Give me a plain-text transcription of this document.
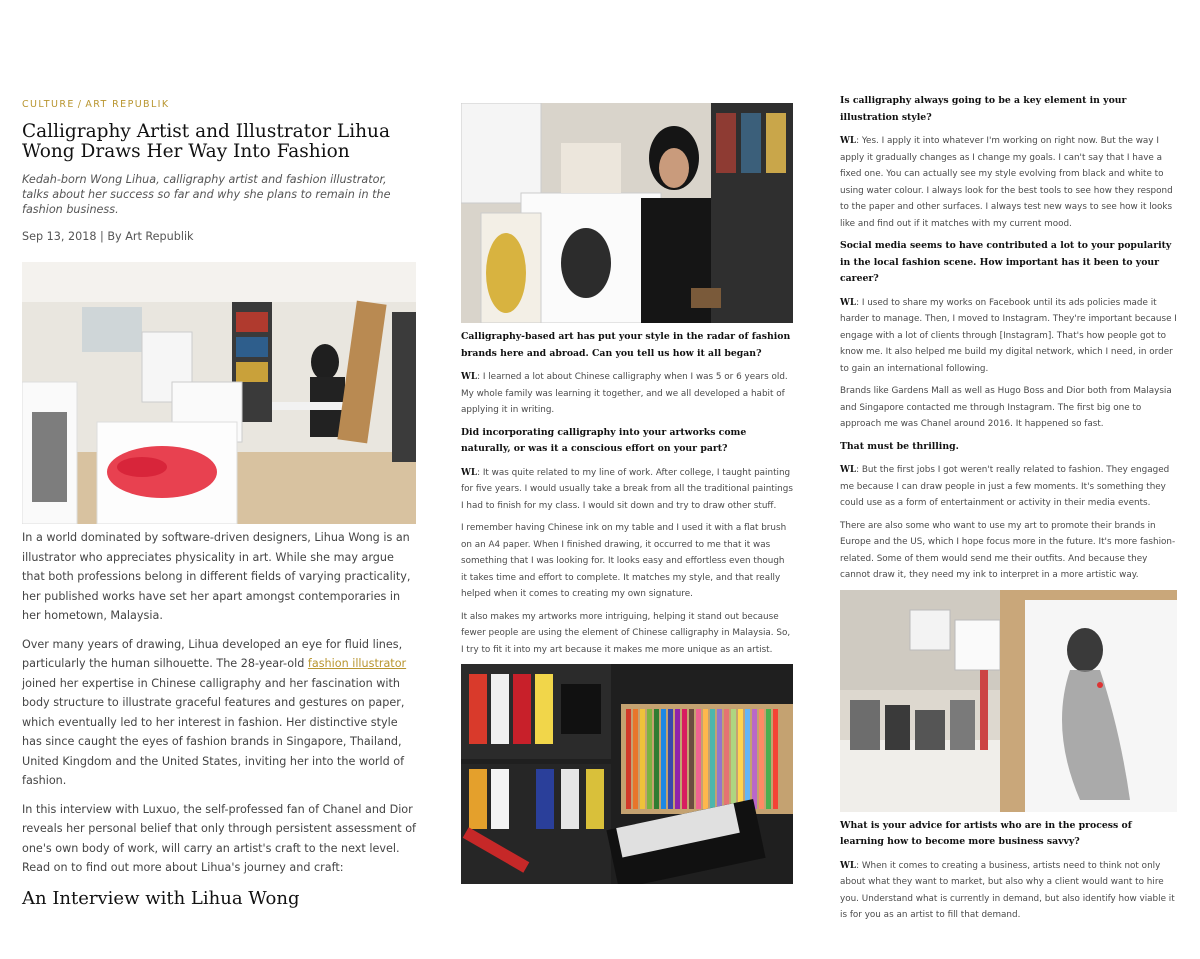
CULTURE / ART REPUBLIK
Calligraphy Artist and Illustrator Lihua Wong Draws Her Way Into Fashion
Kedah-born Wong Lihua, calligraphy artist and fashion illustrator, talks about her success so far and why she plans to remain in the fashion business.
Sep 13, 2018 | By Art Republik

In a world dominated by software-driven designers, Lihua Wong is an illustrator who appreciates physicality in art. While she may argue that both professions belong in different fields of varying practicality, her published works have set her apart amongst contemporaries in her hometown, Malaysia.

Over many years of drawing, Lihua developed an eye for fluid lines, particularly the human silhouette. The 28-year-old fashion illustrator joined her expertise in Chinese calligraphy and her fascination with body structure to illustrate graceful features and gestures on paper, which eventually led to her interest in fashion. Her distinctive style has since caught the eyes of fashion brands in Singapore, Thailand, United Kingdom and the United States, inviting her into the world of fashion.

In this interview with Luxuo, the self-professed fan of Chanel and Dior reveals her personal belief that only through persistent assessment of one's own body of work, will carry an artist's craft to the next level. Read on to find out more about Lihua's journey and craft:

An Interview with Lihua Wong

Calligraphy-based art has put your style in the radar of fashion brands here and abroad. Can you tell us how it all began?

WL: I learned a lot about Chinese calligraphy when I was 5 or 6 years old. My whole family was learning it together, and we all developed a habit of applying it in writing.

Did incorporating calligraphy into your artworks come naturally, or was it a conscious effort on your part?

WL: It was quite related to my line of work. After college, I taught painting for five years. I would usually take a break from all the traditional paintings I had to finish for my class. I would sit down and try to draw other stuff.

I remember having Chinese ink on my table and I used it with a flat brush on an A4 paper. When I finished drawing, it occurred to me that it was something that I was looking for. It looks easy and effortless even though it takes time and effort to complete. It matches my style, and that really helped when it comes to creating my own signature.

It also makes my artworks more intriguing, helping it stand out because fewer people are using the element of Chinese calligraphy in Malaysia. So, I try to fit it into my art because it makes me more unique as an artist.

Is calligraphy always going to be a key element in your illustration style?

WL: Yes. I apply it into whatever I'm working on right now. But the way I apply it gradually changes as I change my goals. I can't say that I have a fixed one. You can actually see my style evolving from black and white to using water colour. I always look for the best tools to see how they respond to the paper and other surfaces. I always test new ways to see how it looks like and find out if it matches with my current mood.

Social media seems to have contributed a lot to your popularity in the local fashion scene. How important has it been to your career?

WL: I used to share my works on Facebook until its ads policies made it harder to manage. Then, I moved to Instagram. They're important because I engage with a lot of clients through [Instagram]. That's how people got to know me. It also helped me build my digital network, which I need, in order to gain an international following.

Brands like Gardens Mall as well as Hugo Boss and Dior both from Malaysia and Singapore contacted me through Instagram. The first big one to approach me was Chanel around 2016. It happened so fast.

That must be thrilling.

WL: But the first jobs I got weren't really related to fashion. They engaged me because I can draw people in just a few moments. It's something they could use as a form of entertainment or activity in their media events.

There are also some who want to use my art to promote their brands in Europe and the US, which I hope focus more in the future. It's more fashion-related. Some of them would send me their outfits. And because they cannot draw it, they need my ink to interpret in a more artistic way.

What is your advice for artists who are in the process of learning how to become more business savvy?

WL: When it comes to creating a business, artists need to think not only about what they want to market, but also why a client would want to hire you. Understand what is currently in demand, but also identify how viable it is for you as an artist to fill that demand.
